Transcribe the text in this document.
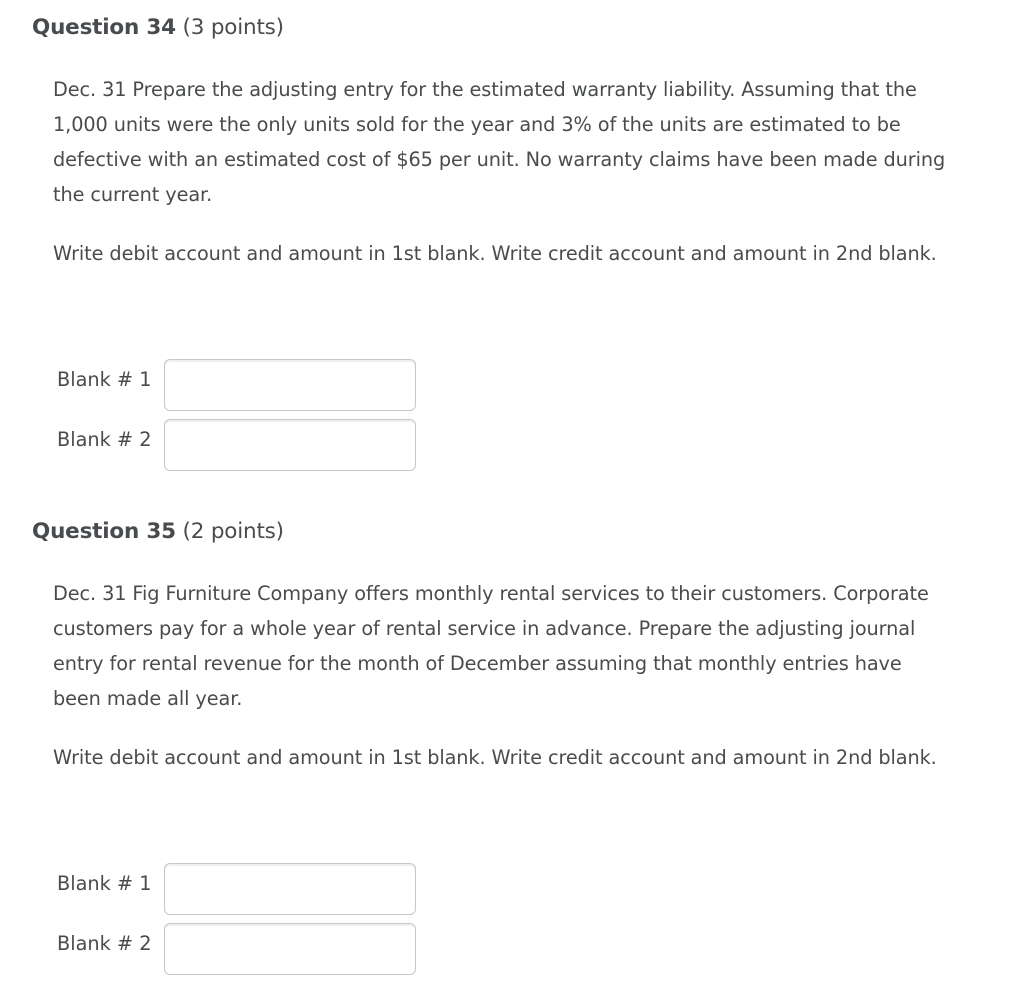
Question 34 (3 points)

Dec. 31 Prepare the adjusting entry for the estimated warranty liability. Assuming that the 1,000 units were the only units sold for the year and 3% of the units are estimated to be defective with an estimated cost of $65 per unit. No warranty claims have been made during the current year.

Write debit account and amount in 1st blank. Write credit account and amount in 2nd blank.

Blank # 1
Blank # 2
Question 35 (2 points)

Dec. 31 Fig Furniture Company offers monthly rental services to their customers. Corporate customers pay for a whole year of rental service in advance. Prepare the adjusting journal entry for rental revenue for the month of December assuming that monthly entries have been made all year.

Write debit account and amount in 1st blank. Write credit account and amount in 2nd blank.

Blank # 1
Blank # 2
